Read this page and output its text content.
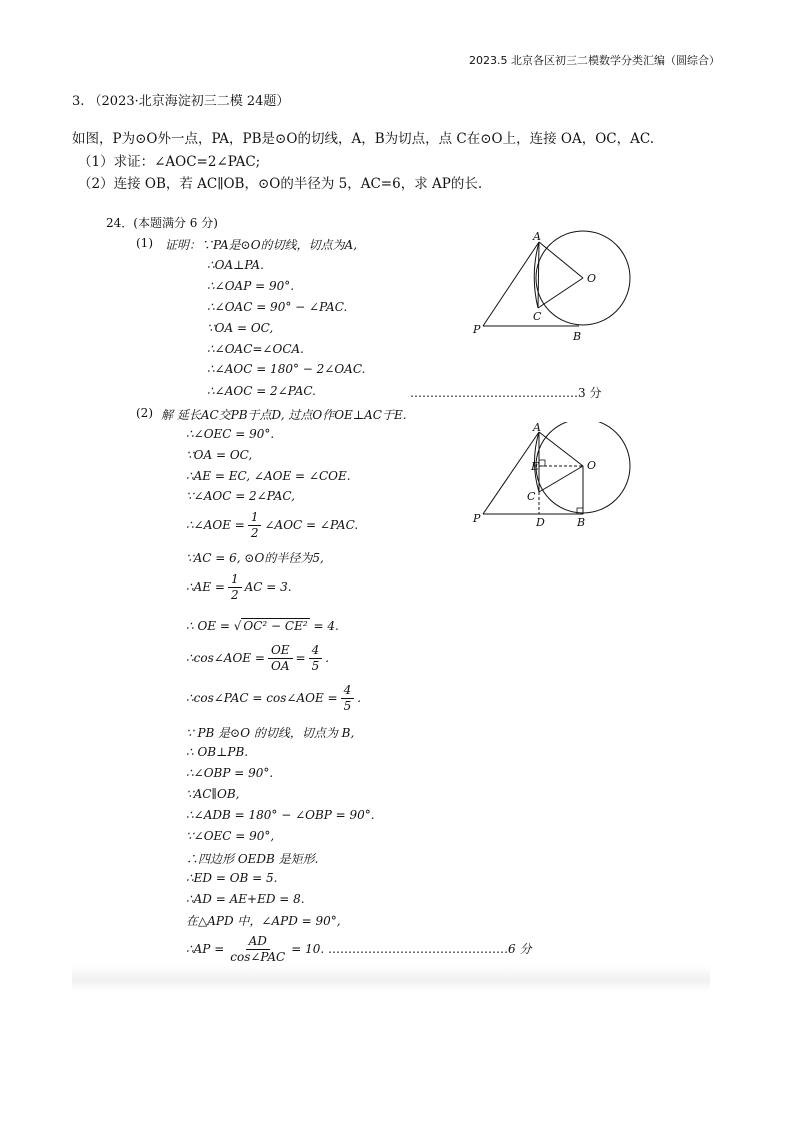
2023.5 北京各区初三二模数学分类汇编（圆综合）
3. （2023·北京海淀初三二模 24题）
如图，P为⊙O外一点，PA，PB是⊙O的切线，A，B为切点，点 C在⊙O上，连接 OA，OC，AC.
（1）求证：∠AOC=2∠PAC;
（2）连接 OB，若 AC∥OB，⊙O的半径为 5，AC=6，求 AP的长.
24．(本题满分 6 分)
(1) 证明：∵PA是⊙O的切线，切点为A,
∴OA⊥PA.
∴∠OAP = 90°.
∴∠OAC = 90° − ∠PAC.
∵OA = OC,
∴∠OAC=∠OCA.
∴∠AOC = 180° − 2∠OAC.
∴∠AOC = 2∠PAC.	……………………………………3 分
(2) 解 延长AC交PB于点D, 过点O作OE⊥AC于E.
∴∠OEC = 90°.
∵OA = OC,
∴AE = EC, ∠AOE = ∠COE.
∵∠AOC = 2∠PAC,
∴∠AOE = $\frac{1}{2}$ ∠AOC = ∠PAC.
∵AC = 6, ⊙O的半径为5,
∴AE = $\frac{1}{2}$ AC = 3.
∴ OE = √ OC² − CE² = 4.
∴cos∠AOE = $\frac{OE}{OA} = \frac{4}{5}$ .
∴cos∠PAC = cos∠AOE = $\frac{4}{5}$ .
∵ PB 是⊙O 的切线，切点为 B,
∴ OB⊥PB.
∴∠OBP = 90°.
∵AC∥OB,
∴∠ADB = 180° − ∠OBP = 90°.
∵∠OEC = 90°,
∴四边形 OEDB 是矩形.
∴ED = OB = 5.
∴AD = AE+ED = 8.
在△APD 中，∠APD = 90°,
∴AP = $\frac{AD}{\text{cos∠PAC}} = 10$. ………………………………………6 分
P
A
O
C
B
P
A
O
E
C
D	B
